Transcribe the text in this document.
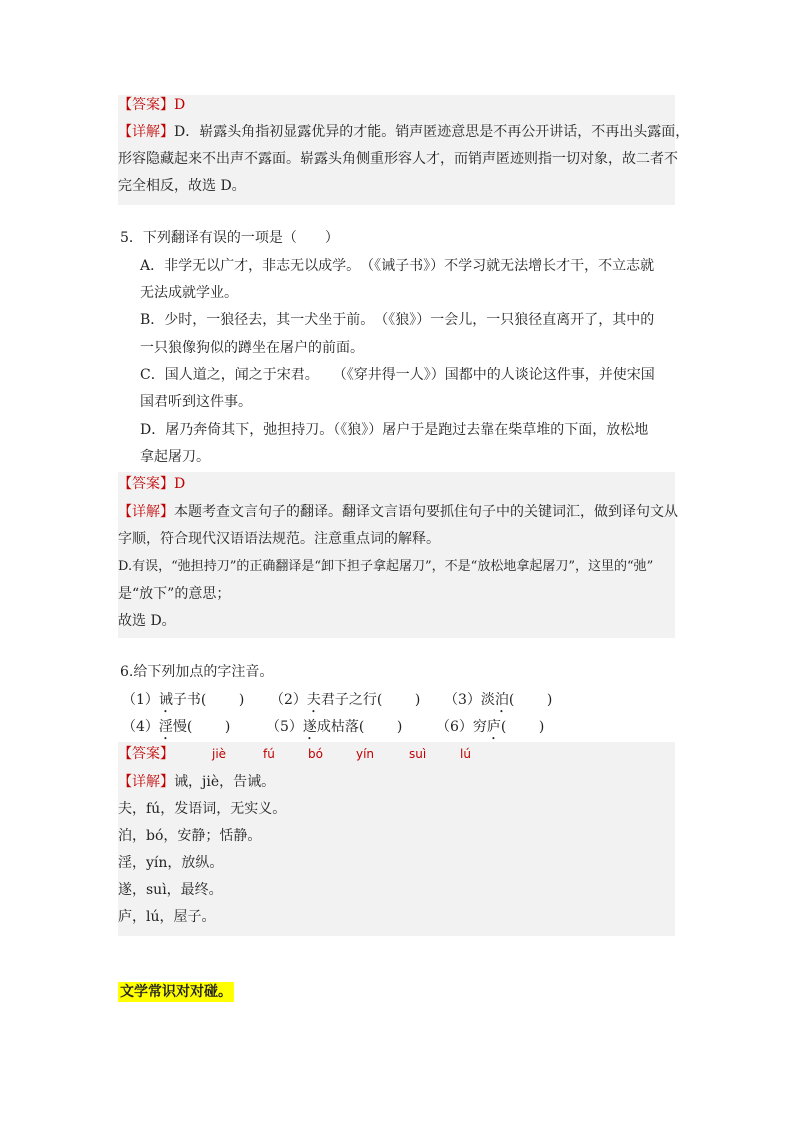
【答案】D
【详解】D．崭露头角指初显露优异的才能。销声匿迹意思是不再公开讲话，不再出头露面，
形容隐藏起来不出声不露面。崭露头角侧重形容人才，而销声匿迹则指一切对象，故二者不
完全相反，故选 D。
5．下列翻译有误的一项是（　　）
A．非学无以广才，非志无以成学。　（《诫子书》）不学习就无法增长才干，不立志就
无法成就学业。
B．少时，一狼径去，其一犬坐于前。　（《狼》）一会儿，一只狼径直离开了，其中的
一只狼像狗似的蹲坐在屠户的前面。
C．国人道之，闻之于宋君。　　（《穿井得一人》）国都中的人谈论这件事，并使宋国
国君听到这件事。
D．屠乃奔倚其下，弛担持刀。（《狼》）屠户于是跑过去靠在柴草堆的下面，放松地
拿起屠刀。
【答案】D
【详解】本题考查文言句子的翻译。翻译文言语句要抓住句子中的关键词汇，做到译句文从
字顺，符合现代汉语语法规范。注意重点词的解释。
D.有误，“弛担持刀”的正确翻译是“卸下担子拿起屠刀”，不是“放松地拿起屠刀”，这里的“弛”
是“放下”的意思；
故选 D。
6.给下列加点的字注音。
（1）诫子书( ) （2）夫君子之行( ) （3）淡泊( )
（4）淫慢( )	（5）遂成枯落( ) （6）穷庐( )
【答案】	jiè	fú	bó	yín	suì	lú
【详解】诫，jiè，告诫。
夫，fú，发语词，无实义。
泊，bó，安静；恬静。
淫，yín，放纵。
遂，suì，最终。
庐，lú，屋子。
文学常识对对碰。
